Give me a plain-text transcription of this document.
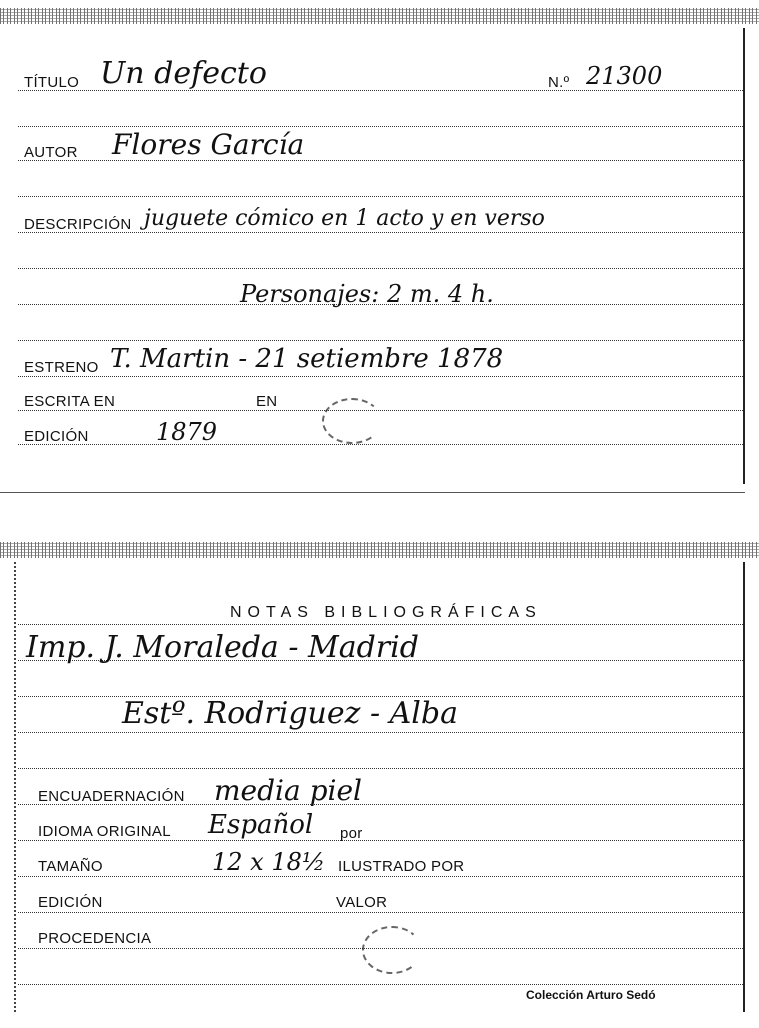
TÍTULO Un defecto	N.º 21300
AUTOR Flores García
DESCRIPCIÓN juguete cómico en 1 acto y en verso
Personajes: 2 m. 4 h.
ESTRENO T. Martin - 21 setiembre 1878
ESCRITA EN	EN
EDICIÓN	1879
NOTAS BIBLIOGRÁFICAS
Imp. J. Moraleda - Madrid
Estº. Rodriguez - Alba
ENCUADERNACIÓN media piel
IDIOMA ORIGINAL Español por
TAMAÑO	12 x 18½ ILUSTRADO POR
EDICIÓN	VALOR
PROCEDENCIA
Colección Arturo Sedó
